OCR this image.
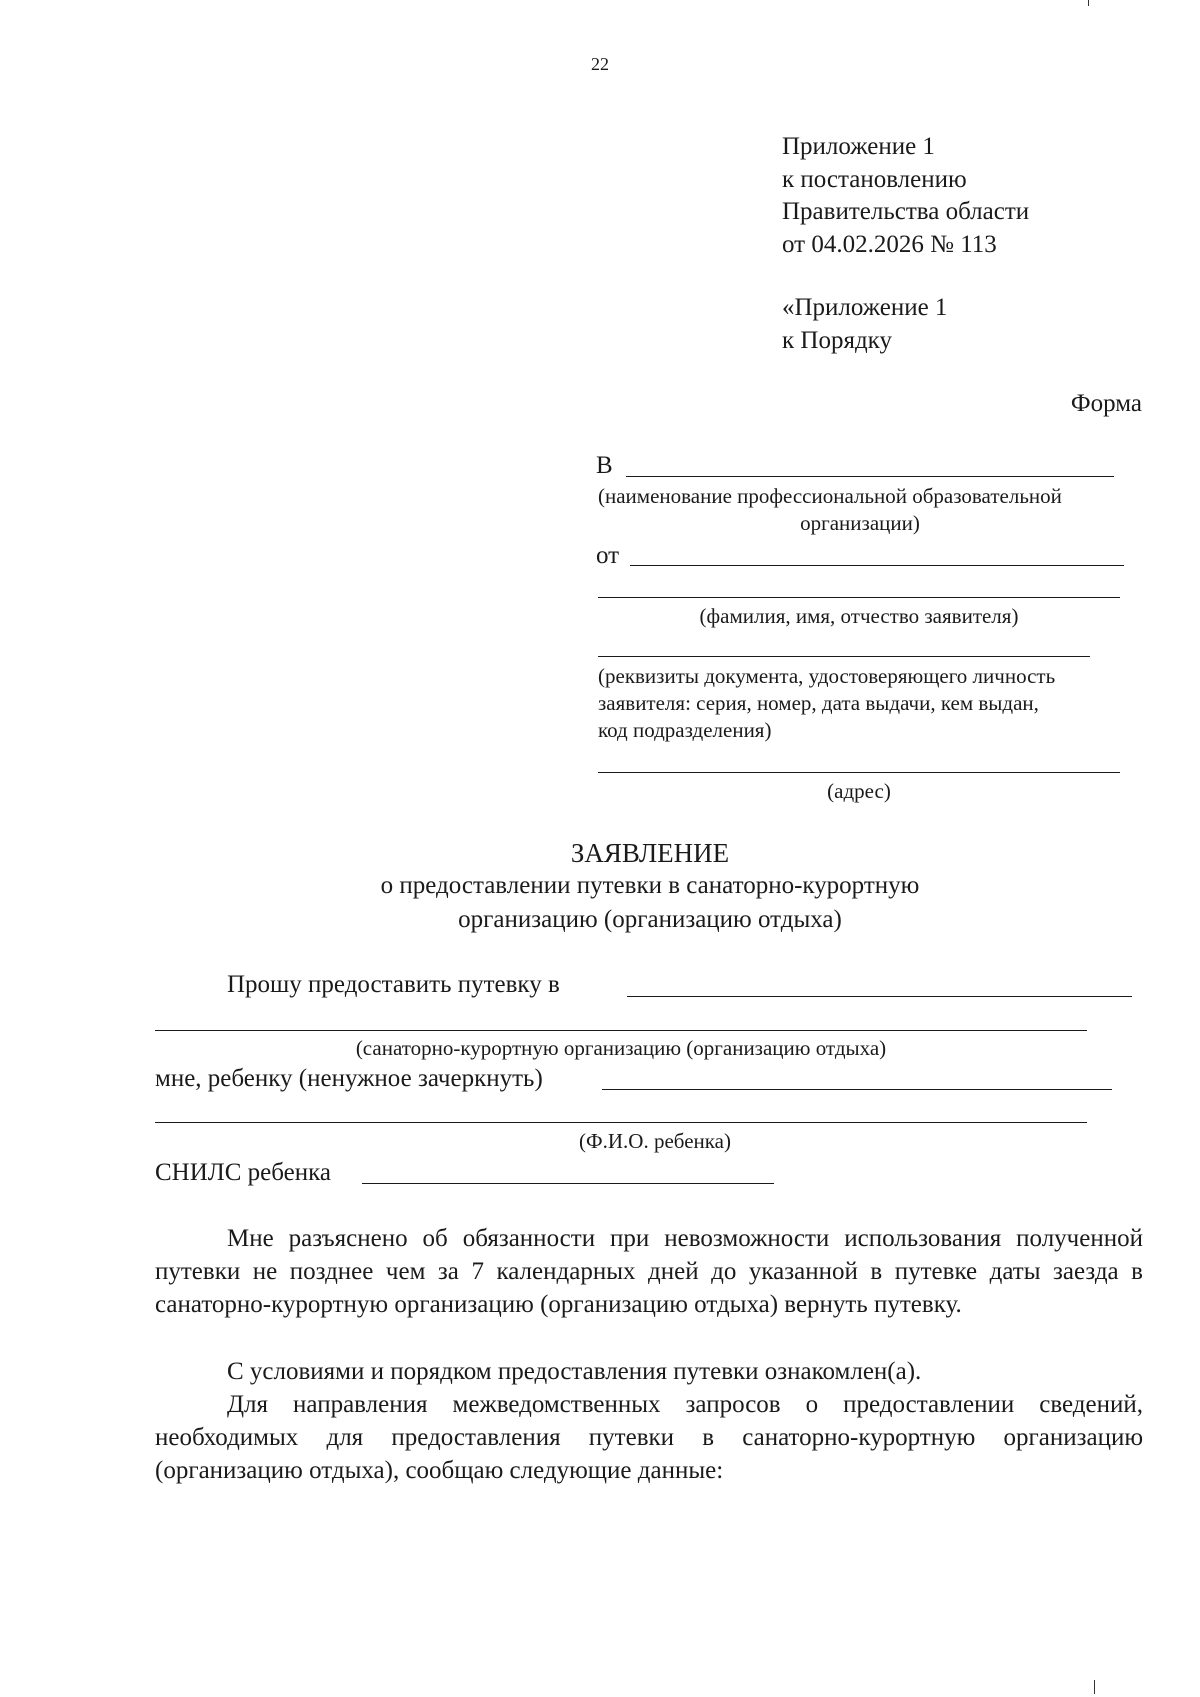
22
Приложение 1
к постановлению
Правительства области
от 04.02.2026 № 113
«Приложение 1
к Порядку
Форма
В
(наименование профессиональной образовательной
организации)
от
(фамилия, имя, отчество заявителя)
(реквизиты документа, удостоверяющего личность
заявителя: серия, номер, дата выдачи, кем выдан,
код подразделения)
(адрес)
ЗАЯВЛЕНИЕ
о предоставлении путевки в санаторно-курортную
организацию (организацию отдыха)
Прошу предоставить путевку в
(санаторно-курортную организацию (организацию отдыха)
мне, ребенку (ненужное зачеркнуть)
(Ф.И.О. ребенка)
СНИЛС ребенка
Мне разъяснено об обязанности при невозможности использования полученной путевки не позднее чем за 7 календарных дней до указанной в путевке даты заезда в санаторно-курортную организацию (организацию отдыха) вернуть путевку.
С условиями и порядком предоставления путевки ознакомлен(а).
Для направления межведомственных запросов о предоставлении сведений, необходимых для предоставления путевки в санаторно-курортную организацию (организацию отдыха), сообщаю следующие данные:
